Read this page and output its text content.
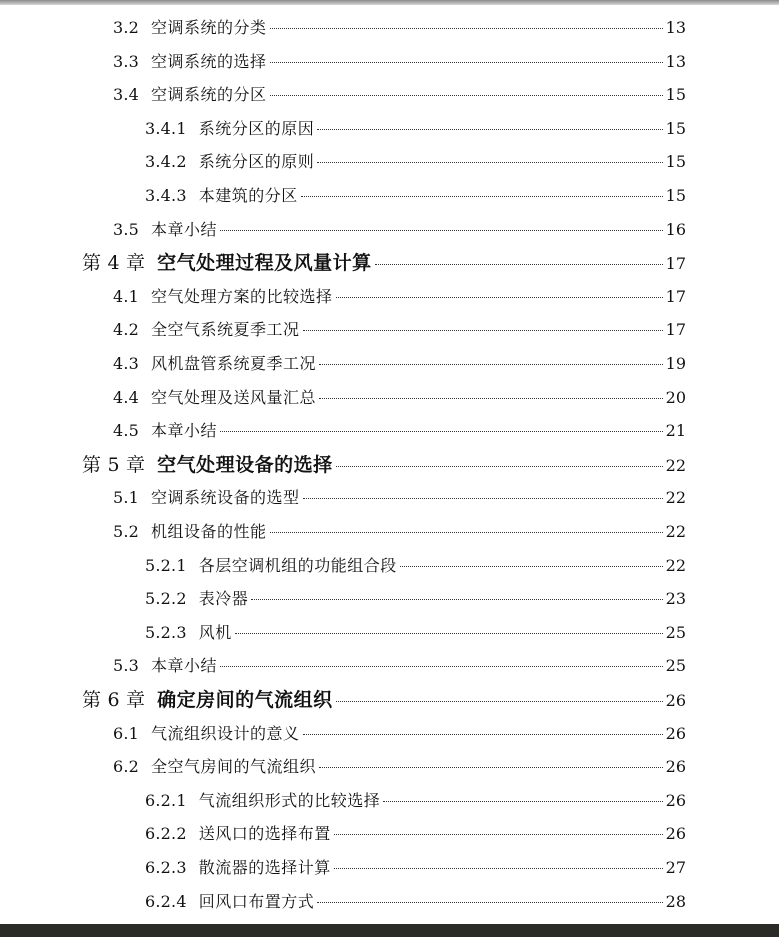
3.2 空调系统的分类	13
3.3 空调系统的选择	13
3.4 空调系统的分区	15
3.4.1 系统分区的原因	15
3.4.2 系统分区的原则	15
3.4.3 本建筑的分区	15
3.5 本章小结	16
第 4 章 空气处理过程及风量计算	17
4.1 空气处理方案的比较选择	17
4.2 全空气系统夏季工况	17
4.3 风机盘管系统夏季工况	19
4.4 空气处理及送风量汇总	20
4.5 本章小结	21
第 5 章 空气处理设备的选择	22
5.1 空调系统设备的选型	22
5.2 机组设备的性能	22
5.2.1 各层空调机组的功能组合段	22
5.2.2 表冷器	23
5.2.3 风机	25
5.3 本章小结	25
第 6 章 确定房间的气流组织	26
6.1 气流组织设计的意义	26
6.2 全空气房间的气流组织	26
6.2.1 气流组织形式的比较选择	26
6.2.2 送风口的选择布置	26
6.2.3 散流器的选择计算	27
6.2.4 回风口布置方式	28
